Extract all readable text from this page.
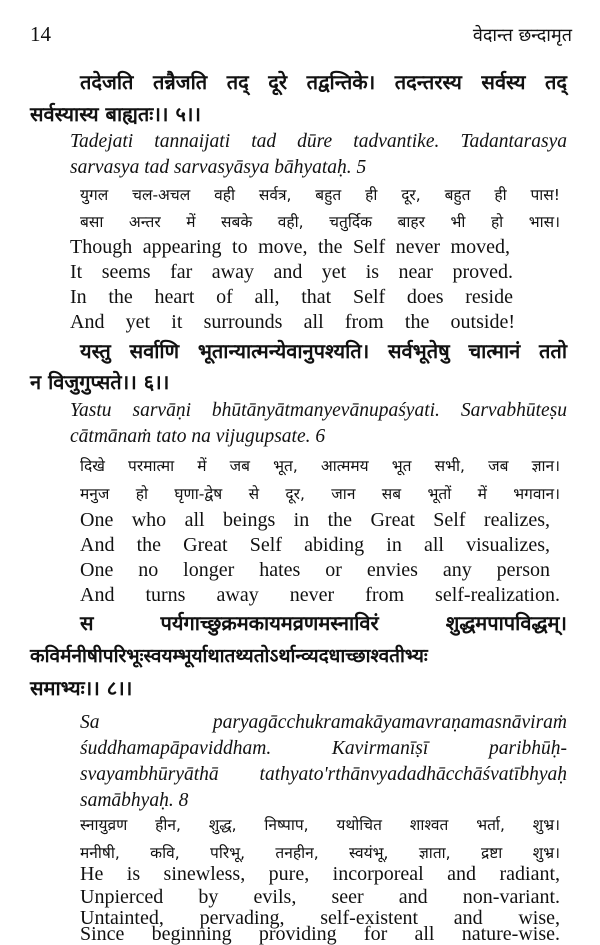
14	वेदान्त छन्दामृत
तदेजति तन्नैजति तद् दूरे तद्वन्तिके। तदन्तरस्य सर्वस्य तद्
सर्वस्यास्य बाह्यतः।। ५।।
Tadejati tannaijati tad dūre tadvantike. Tadantarasya
sarvasya tad sarvasyāsya bāhyataḥ. 5
युगल चल-अचल वही सर्वत्र, बहुत ही दूर, बहुत ही पास!
बसा अन्तर में सबके वही, चतुर्दिक बाहर भी हो भास।
Though appearing to move, the Self never moved,
It seems far away and yet is near proved.
In the heart of all, that Self does reside
And yet it surrounds all from the outside!
यस्तु सर्वाणि भूतान्यात्मन्येवानुपश्यति। सर्वभूतेषु चात्मानं ततो
न विजुगुप्सते।। ६।।
Yastu sarvāṇi bhūtānyātmanyevānupaśyati. Sarvabhūteṣu
cātmānaṁ tato na vijugupsate. 6
दिखे परमात्मा में जब भूत, आत्ममय भूत सभी, जब ज्ञान।
मनुज हो घृणा-द्वेष से दूर, जान सब भूतों में भगवान।
One who all beings in the Great Self realizes,
And the Great Self abiding in all visualizes,
One no longer hates or envies any person
And turns away never from self-realization.
स पर्यगाच्छुक्रमकायमव्रणमस्नाविरं शुद्धमपापविद्धम्।
कविर्मनीषीपरिभूःस्वयम्भूर्याथातथ्यतोऽर्थान्व्यदधाच्छाश्वतीभ्यः
समाभ्यः।। ८।।
Sa paryagācchukramakāyamavraṇamasnāviraṁ
śuddhamapāpaviddham. Kavirmanīṣī paribhūḥ-
svayambhūryāthā tathyato'rthānvyadadhācchāśvatībhyaḥ
samābhyaḥ. 8
स्नायुव्रण हीन, शुद्ध, निष्पाप, यथोचित शाश्वत भर्ता, शुभ्र।
मनीषी, कवि, परिभू, तनहीन, स्वयंभू, ज्ञाता, द्रष्टा शुभ्र।
He is sinewless, pure, incorporeal and radiant,
Unpierced by evils, seer and non-variant.
Untainted, pervading, self-existent and wise,
Since beginning providing for all nature-wise.
